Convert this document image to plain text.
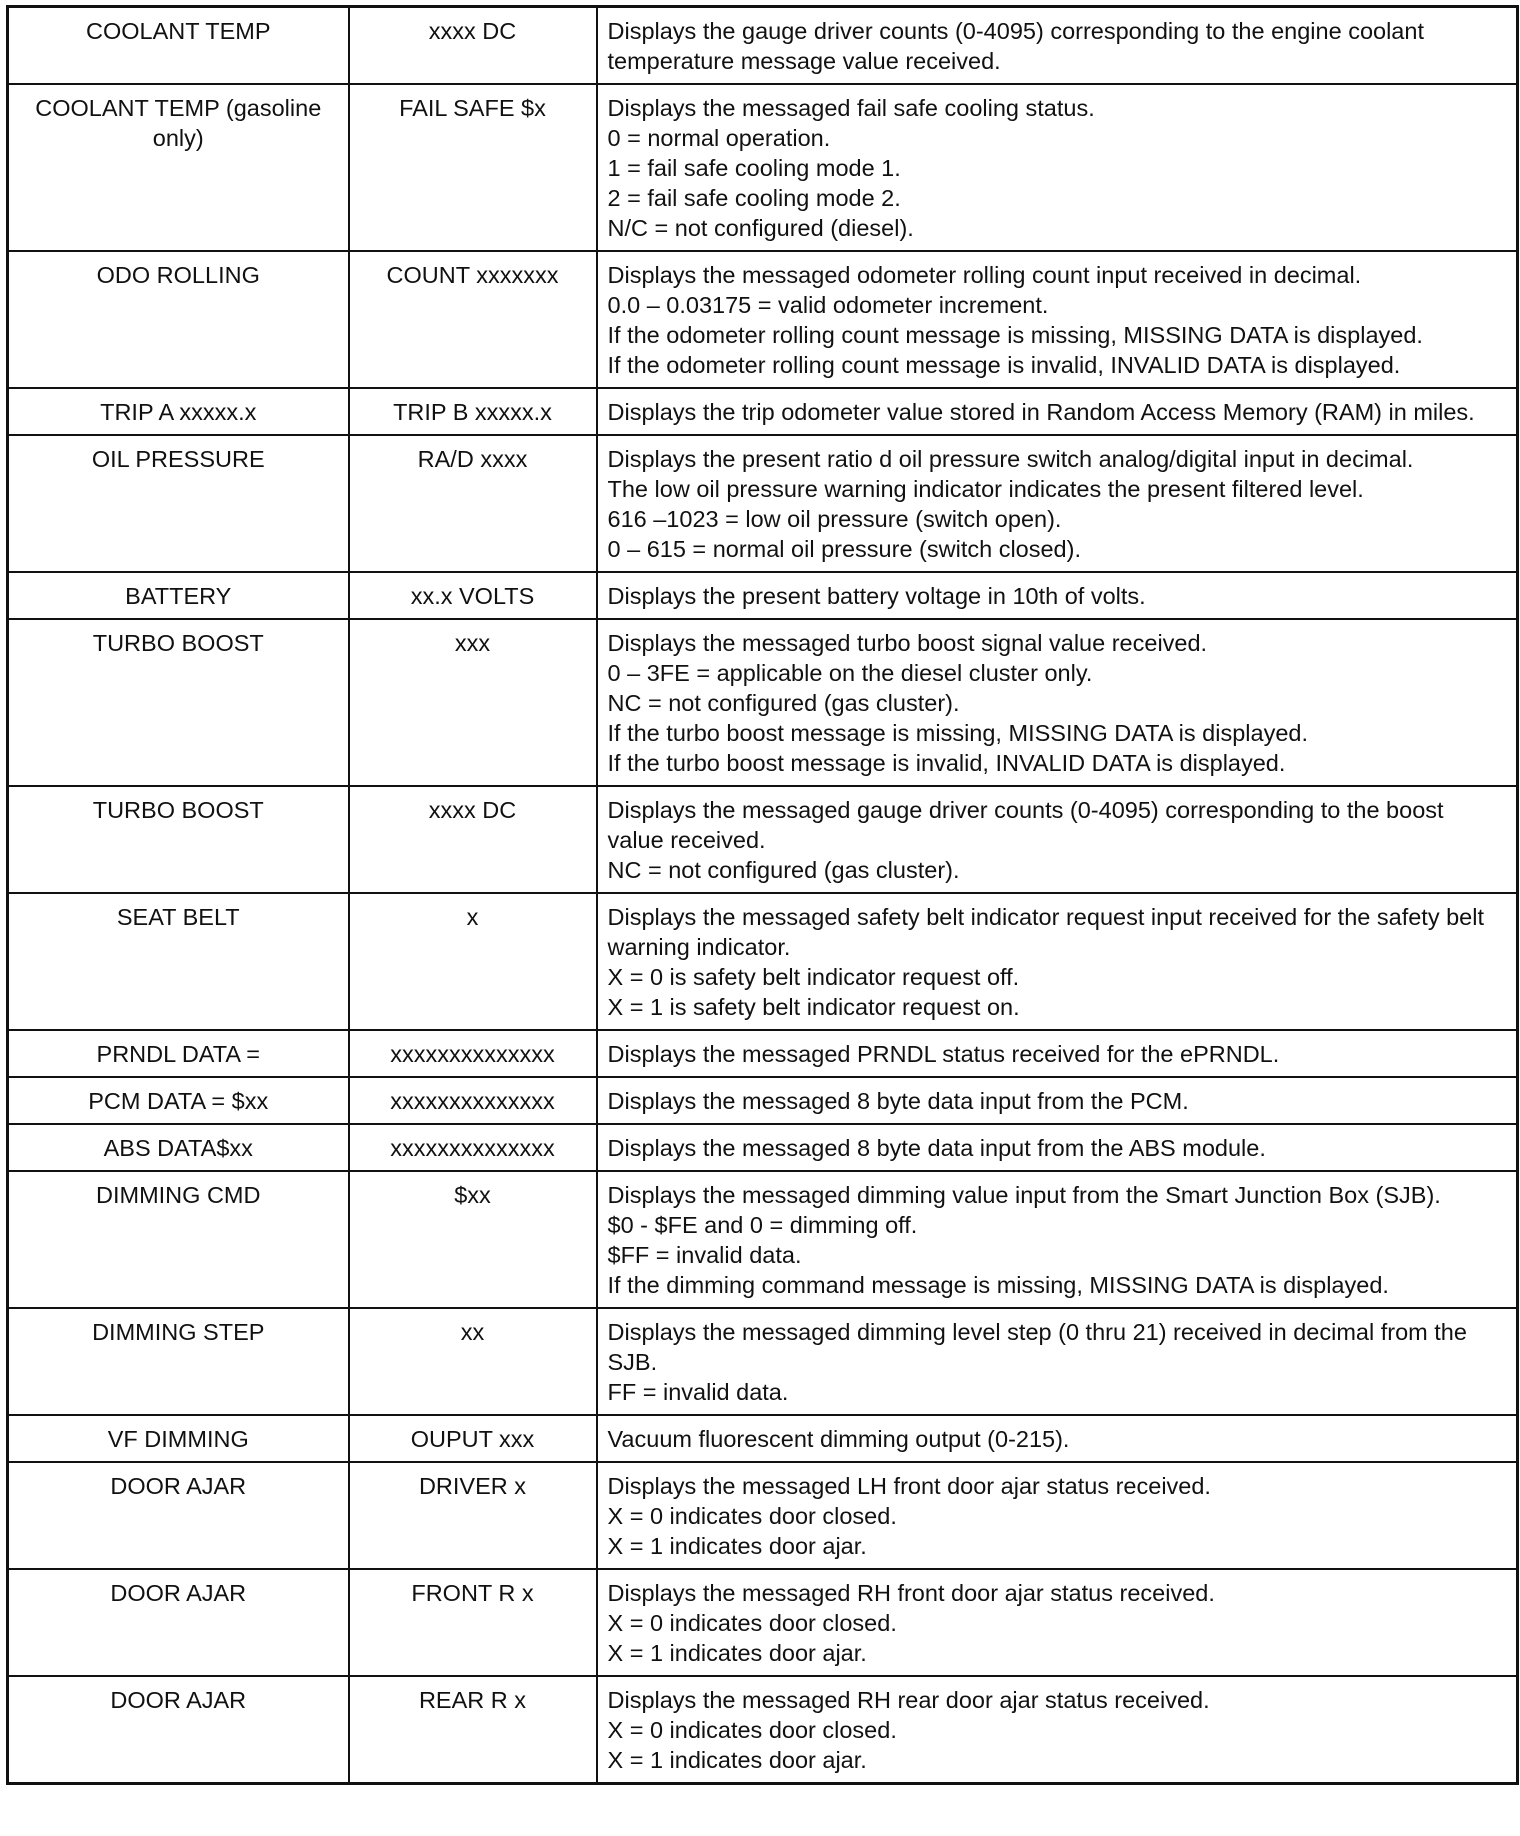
COOLANT TEMP	xxxx DC	Displays the gauge driver counts (0-4095) corresponding to the engine coolant temperature message value received.

COOLANT TEMP (gasoline only)	FAIL SAFE $x	Displays the messaged fail safe cooling status.
0 = normal operation.
1 = fail safe cooling mode 1.
2 = fail safe cooling mode 2.
N/C = not configured (diesel).

ODO ROLLING	COUNT xxxxxxx	Displays the messaged odometer rolling count input received in decimal.
0.0 – 0.03175 = valid odometer increment.
If the odometer rolling count message is missing, MISSING DATA is displayed.
If the odometer rolling count message is invalid, INVALID DATA is displayed.

TRIP A xxxxx.x	TRIP B xxxxx.x	Displays the trip odometer value stored in Random Access Memory (RAM) in miles.

OIL PRESSURE	RA/D xxxx	Displays the present ratio d oil pressure switch analog/digital input in decimal.
The low oil pressure warning indicator indicates the present filtered level.
616 –1023 = low oil pressure (switch open).
0 – 615 = normal oil pressure (switch closed).

BATTERY	xx.x VOLTS	Displays the present battery voltage in 10th of volts.

TURBO BOOST	xxx	Displays the messaged turbo boost signal value received.
0 – 3FE = applicable on the diesel cluster only.
NC = not configured (gas cluster).
If the turbo boost message is missing, MISSING DATA is displayed.
If the turbo boost message is invalid, INVALID DATA is displayed.

TURBO BOOST	xxxx DC	Displays the messaged gauge driver counts (0-4095) corresponding to the boost value received.
NC = not configured (gas cluster).

SEAT BELT	x	Displays the messaged safety belt indicator request input received for the safety belt warning indicator.
X = 0 is safety belt indicator request off.
X = 1 is safety belt indicator request on.

PRNDL DATA =	xxxxxxxxxxxxxx	Displays the messaged PRNDL status received for the ePRNDL.

PCM DATA = $xx	xxxxxxxxxxxxxx	Displays the messaged 8 byte data input from the PCM.

ABS DATA$xx	xxxxxxxxxxxxxx	Displays the messaged 8 byte data input from the ABS module.

DIMMING CMD	$xx	Displays the messaged dimming value input from the Smart Junction Box (SJB).
$0 - $FE and 0 = dimming off.
$FF = invalid data.
If the dimming command message is missing, MISSING DATA is displayed.

DIMMING STEP	xx	Displays the messaged dimming level step (0 thru 21) received in decimal from the SJB.
FF = invalid data.

VF DIMMING	OUPUT xxx	Vacuum fluorescent dimming output (0-215).

DOOR AJAR	DRIVER x	Displays the messaged LH front door ajar status received.
X = 0 indicates door closed.
X = 1 indicates door ajar.

DOOR AJAR	FRONT R x	Displays the messaged RH front door ajar status received.
X = 0 indicates door closed.
X = 1 indicates door ajar.

DOOR AJAR	REAR R x	Displays the messaged RH rear door ajar status received.
X = 0 indicates door closed.
X = 1 indicates door ajar.
